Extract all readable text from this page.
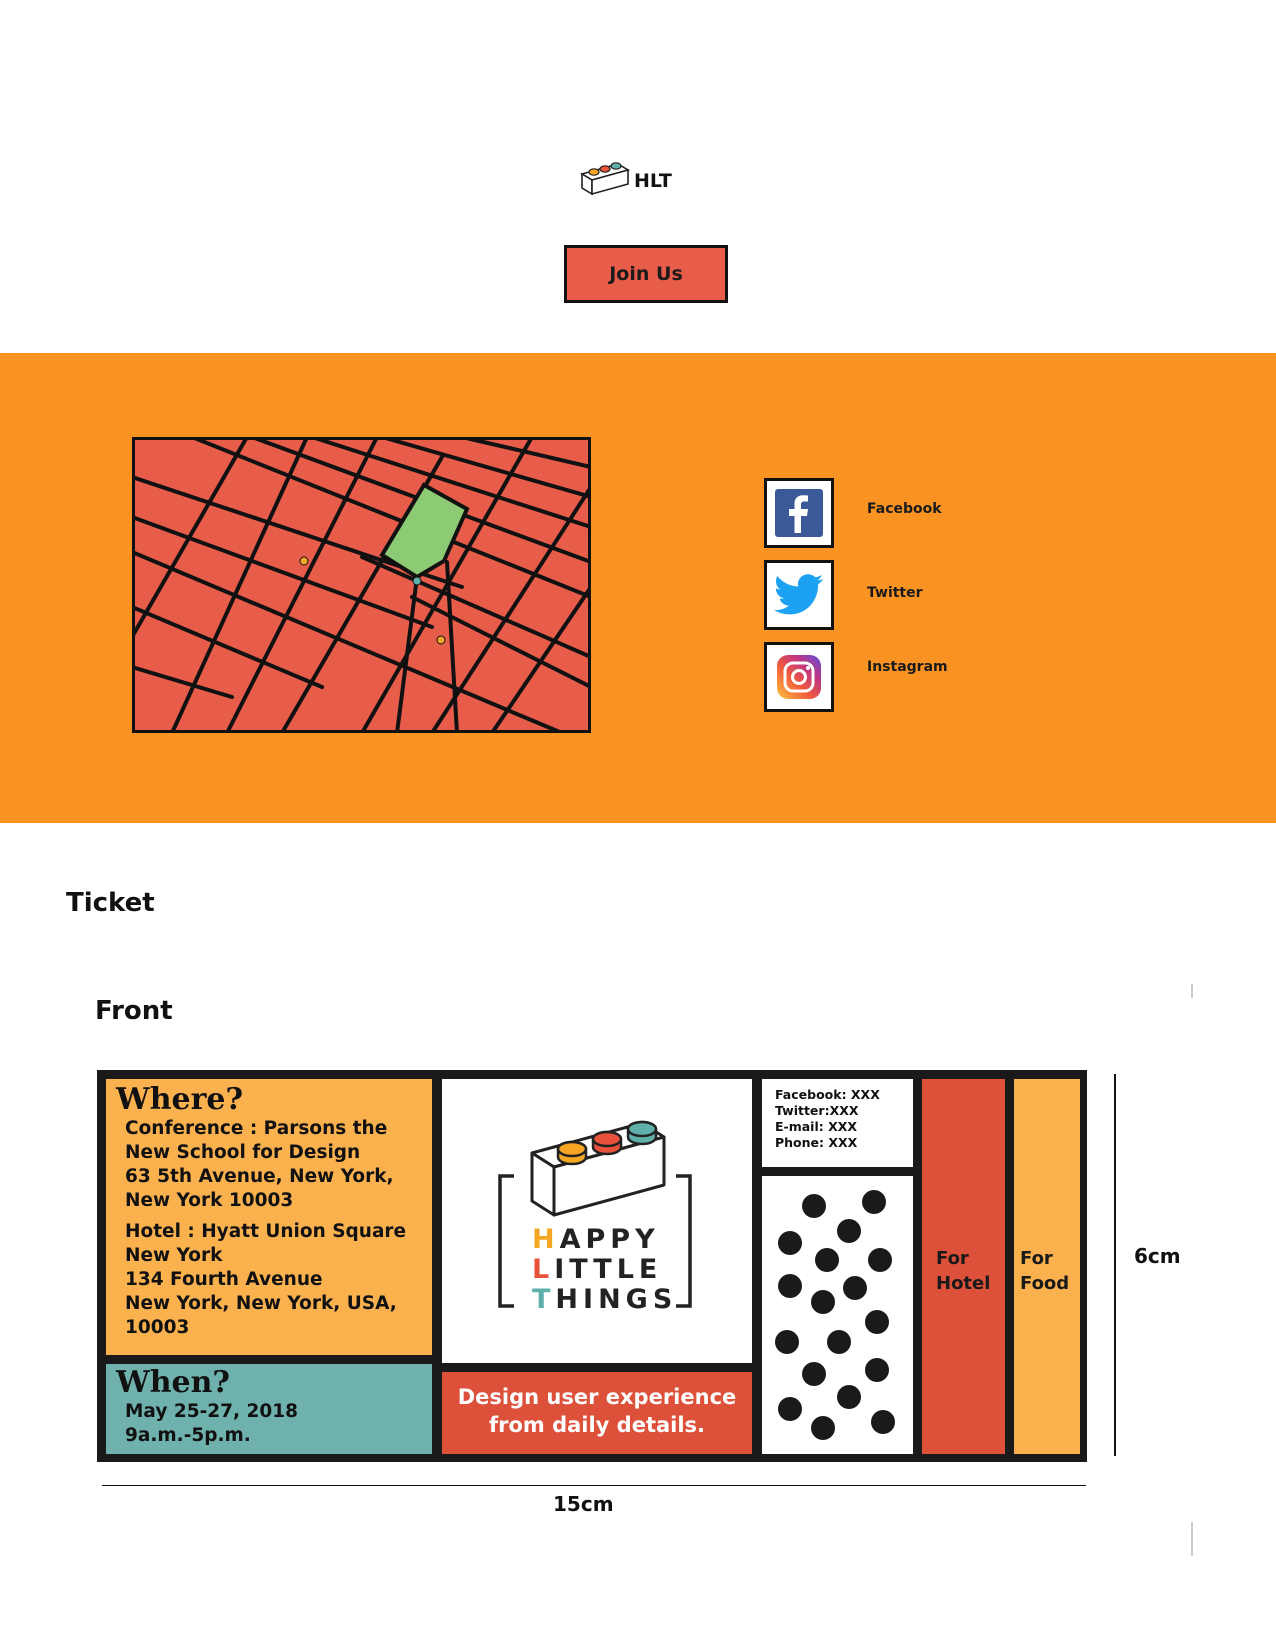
HLT
Join Us
Facebook
Twitter
Instagram
Ticket
Front
Where?
Conference : Parsons the
New School for Design
63 5th Avenue, New York,
New York 10003
Hotel : Hyatt Union Square
New York
134 Fourth Avenue
New York, New York, USA,
10003
When?
May 25-27, 2018
9a.m.-5p.m.
HAPPY
LITTLE
THINGS
Design user experience
from daily details.
Facebook: XXX
Twitter:XXX
E-mail: XXX
Phone: XXX
For
Hotel
For
Food
15cm
6cm
